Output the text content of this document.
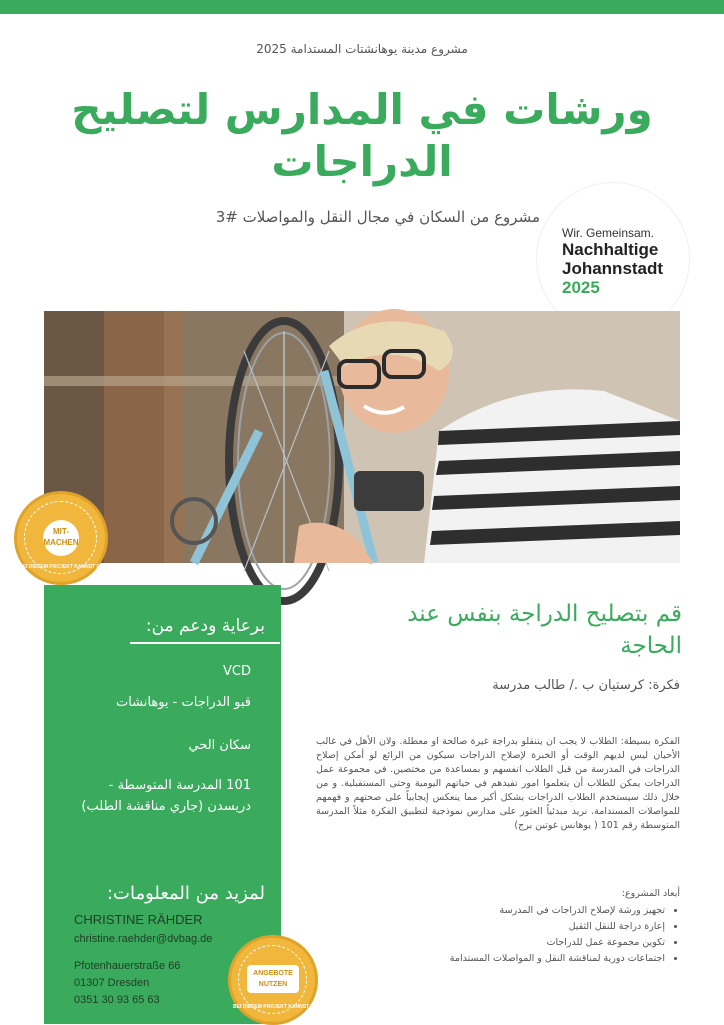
مشروع مدينة يوهانشتات المستدامة 2025
ورشات في المدارس لتصليح الدراجات
مشروع من السكان في مجال النقل والمواصلات #3
Wir. Gemeinsam.
Nachhaltige
Johannstadt
2025
MIT-
MACHEN
BEI DIESEM PROJEKT KANNST DU · Werde aktiv!
برعاية ودعم من:
VCD
قبو الدراجات - يوهانشات
سكان الحي
101 المدرسة المتوسطة - دريسدن (جاري مناقشة الطلب)
لمزيد من المعلومات:
CHRISTINE RÄHDER
christine.raehder@dvbag.de
Pfotenhauerstraße 66
01307 Dresden
0351 30 93 65 63
ANGEBOTE
NUTZEN
BEI DIESEM PROJEKT KANNST DU · Werde aktiv!
قم بتصليح الدراجة بنفس عند الحاجة
فكرة: كرستيان ب ./ طالب مدرسة

الفكرة بسيطة: الطلاب لا يجب ان يتنقلو بدراجة غيرة صالحة او معطلة. ولان الأهل في غالب الأحيان ليس لديهم الوقت أو الخبرة لإصلاح الدراجات سيكون من الرائع لو أمكن إصلاح الدراجات في المدرسة من قبل الطلاب انفسهم و بمساعدة من مختصين. في مجموعة عمل الدراجات يمكن للطلاب أن يتعلموا امور تفيدهم في حياتهم اليومية وحتى المستقبلية. و من خلال ذلك سيستخدم الطلاب الدراجات بشكل أكبر مما ينعكس إيجابياً على صحتهم و فهمهم للمواصلات المستدامة. نريد مبدئياً العثور على مدارس نموذجية لتطبيق الفكرة مثلاً المدرسة المتوسطة رقم 101 ( يوهانس غوتين برج)

أبعاد المشروع:
• تجهيز ورشة لإصلاح الدراجات في المدرسة
• إعارة دراجة للنقل الثقيل
• تكوين مجموعة عمل للدراجات
• اجتماعات دورية لمناقشة النقل و المواصلات المستدامة
